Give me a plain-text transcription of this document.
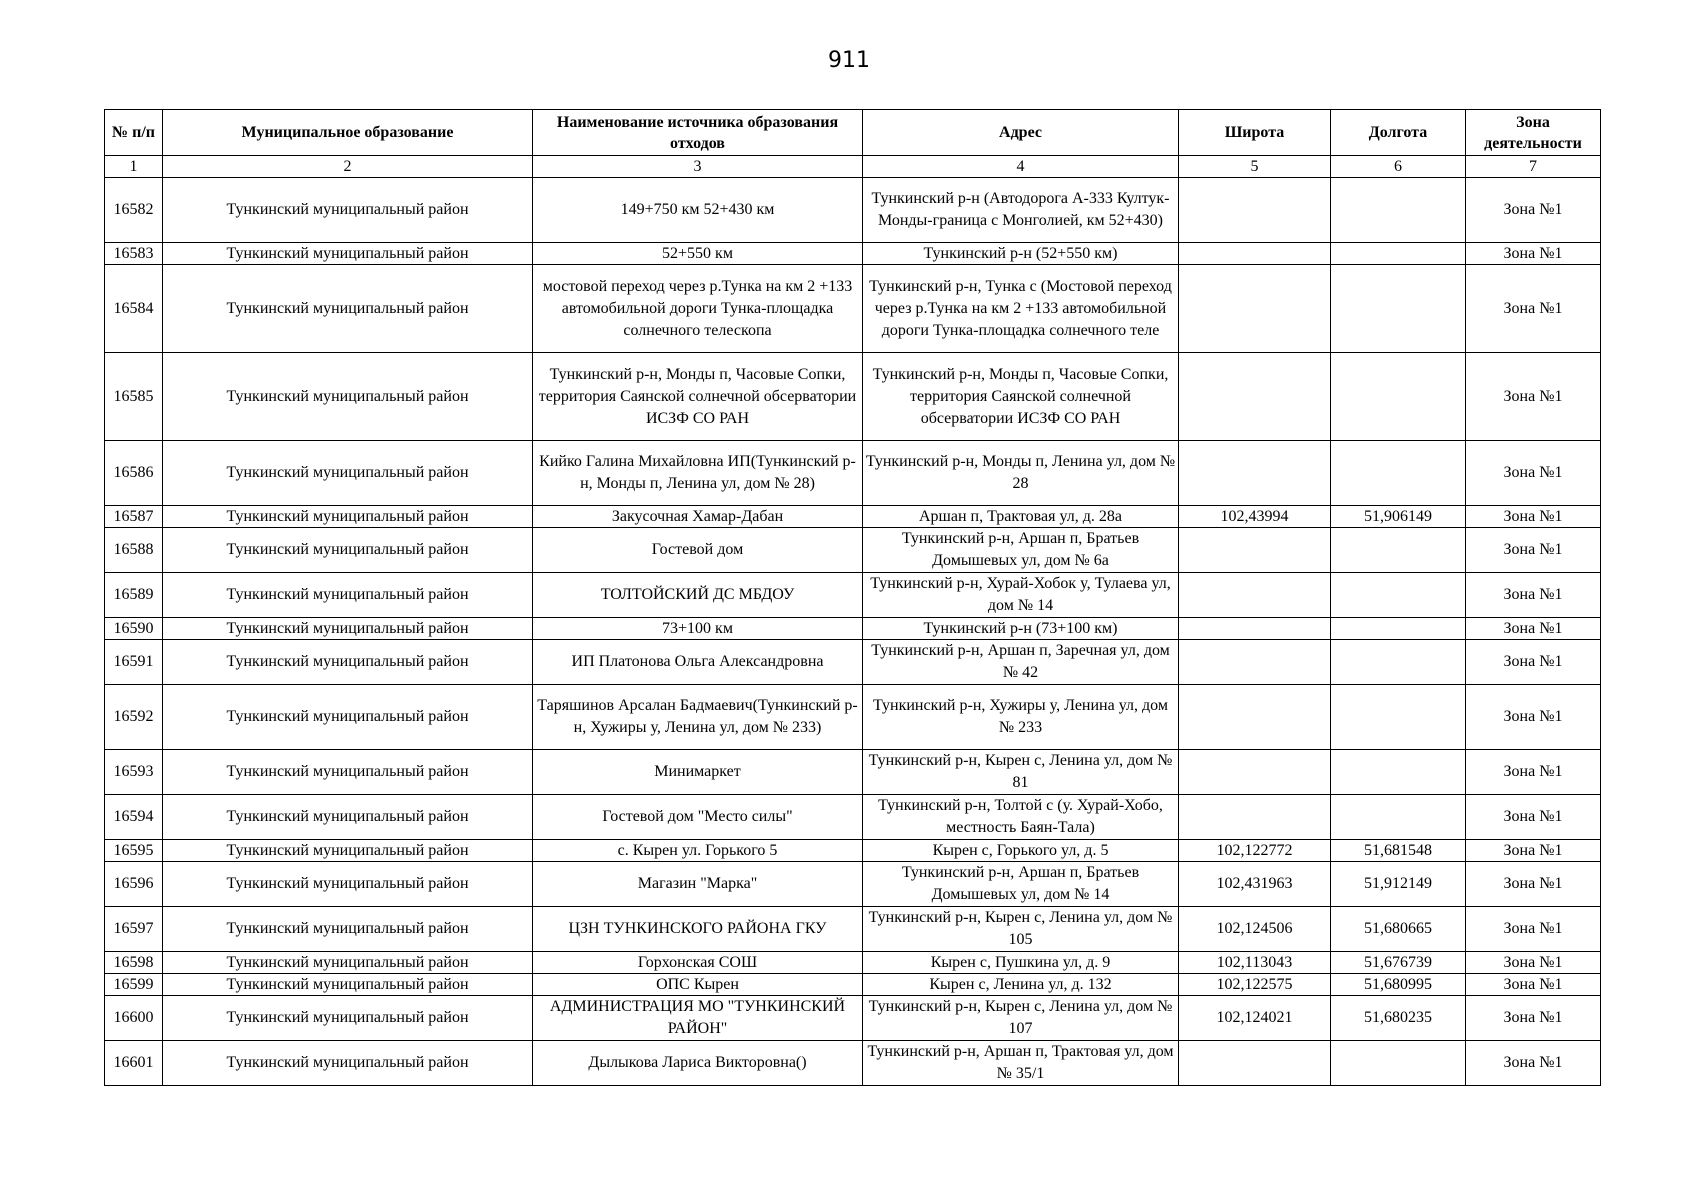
911
№ п/п	Муниципальное образование	Наименование источника образования отходов	Адрес	Широта	Долгота	Зона деятельности
1	2	3	4	5	6	7
16582	Тункинский муниципальный район	149+750 км 52+430 км	Тункинский р-н (Автодорога А-333 Култук-Монды-граница с Монголией, км 52+430)			Зона №1
16583	Тункинский муниципальный район	52+550 км	Тункинский р-н (52+550 км)			Зона №1
16584	Тункинский муниципальный район	мостовой переход через р.Тунка на км 2 +133 автомобильной дороги Тунка-площадка солнечного телескопа	Тункинский р-н, Тунка с (Мостовой переход через р.Тунка на км 2 +133 автомобильной дороги Тунка-площадка солнечного теле			Зона №1
16585	Тункинский муниципальный район	Тункинский р-н, Монды п, Часовые Сопки, территория Саянской солнечной обсерватории ИСЗФ СО РАН	Тункинский р-н, Монды п, Часовые Сопки, территория Саянской солнечной обсерватории ИСЗФ СО РАН			Зона №1
16586	Тункинский муниципальный район	Кийко Галина Михайловна ИП(Тункинский р-н, Монды п, Ленина ул, дом № 28)	Тункинский р-н, Монды п, Ленина ул, дом № 28			Зона №1
16587	Тункинский муниципальный район	Закусочная Хамар-Дабан	Аршан п, Трактовая ул, д. 28а	102,43994	51,906149	Зона №1
16588	Тункинский муниципальный район	Гостевой дом	Тункинский р-н, Аршан п, Братьев Домышевых ул, дом № 6а			Зона №1
16589	Тункинский муниципальный район	ТОЛТОЙСКИЙ ДС МБДОУ	Тункинский р-н, Хурай-Хобок у, Тулаева ул, дом № 14			Зона №1
16590	Тункинский муниципальный район	73+100 км	Тункинский р-н (73+100 км)			Зона №1
16591	Тункинский муниципальный район	ИП Платонова Ольга Александровна	Тункинский р-н, Аршан п, Заречная ул, дом № 42			Зона №1
16592	Тункинский муниципальный район	Таряшинов Арсалан Бадмаевич(Тункинский р-н, Хужиры у, Ленина ул, дом № 233)	Тункинский р-н, Хужиры у, Ленина ул, дом № 233			Зона №1
16593	Тункинский муниципальный район	Минимаркет	Тункинский р-н, Кырен с, Ленина ул, дом № 81			Зона №1
16594	Тункинский муниципальный район	Гостевой дом "Место силы"	Тункинский р-н, Толтой с (у. Хурай-Хобо, местность Баян-Тала)			Зона №1
16595	Тункинский муниципальный район	с. Кырен ул. Горького 5	Кырен с, Горького ул, д. 5	102,122772	51,681548	Зона №1
16596	Тункинский муниципальный район	Магазин "Марка"	Тункинский р-н, Аршан п, Братьев Домышевых ул, дом № 14	102,431963	51,912149	Зона №1
16597	Тункинский муниципальный район	ЦЗН ТУНКИНСКОГО РАЙОНА ГКУ	Тункинский р-н, Кырен с, Ленина ул, дом № 105	102,124506	51,680665	Зона №1
16598	Тункинский муниципальный район	Горхонская СОШ	Кырен с, Пушкина ул, д. 9	102,113043	51,676739	Зона №1
16599	Тункинский муниципальный район	ОПС Кырен	Кырен с, Ленина ул, д. 132	102,122575	51,680995	Зона №1
16600	Тункинский муниципальный район	АДМИНИСТРАЦИЯ МО "ТУНКИНСКИЙ РАЙОН"	Тункинский р-н, Кырен с, Ленина ул, дом № 107	102,124021	51,680235	Зона №1
16601	Тункинский муниципальный район	Дылыкова Лариса Викторовна()	Тункинский р-н, Аршан п, Трактовая ул, дом № 35/1			Зона №1
